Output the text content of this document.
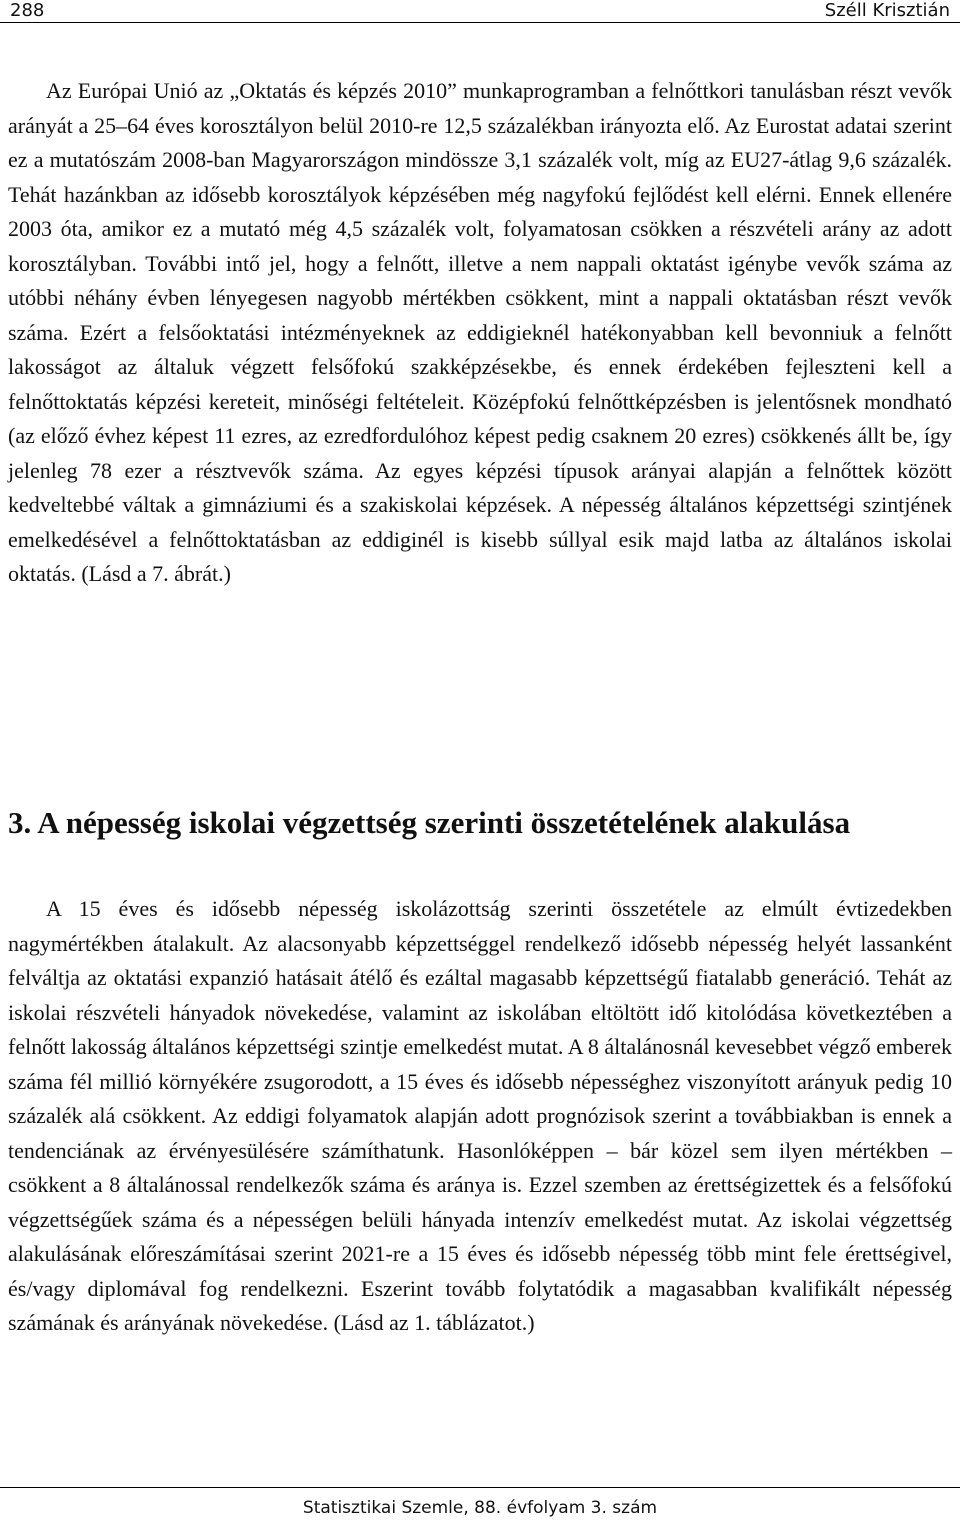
288	Széll Krisztián

Az Európai Unió az „Oktatás és képzés 2010” munkaprogramban a felnőttkori tanulásban részt vevők arányát a 25–64 éves korosztályon belül 2010-re 12,5 százalékban irányozta elő. Az Eurostat adatai szerint ez a mutatószám 2008-ban Magyarországon mindössze 3,1 százalék volt, míg az EU27-átlag 9,6 százalék. Tehát hazánkban az idősebb korosztályok képzésében még nagyfokú fejlődést kell elérni. Ennek ellenére 2003 óta, amikor ez a mutató még 4,5 százalék volt, folyamatosan csökken a részvételi arány az adott korosztályban. További intő jel, hogy a felnőtt, illetve a nem nappali oktatást igénybe vevők száma az utóbbi néhány évben lényegesen nagyobb mértékben csökkent, mint a nappali oktatásban részt vevők száma. Ezért a felsőoktatási intézményeknek az eddigieknél hatékonyabban kell bevonniuk a felnőtt lakosságot az általuk végzett felsőfokú szakképzésekbe, és ennek érdekében fejleszteni kell a felnőttoktatás képzési kereteit, minőségi feltételeit. Középfokú felnőttképzésben is jelentősnek mondható (az előző évhez képest 11 ezres, az ezredfordulóhoz képest pedig csaknem 20 ezres) csökkenés állt be, így jelenleg 78 ezer a résztvevők száma. Az egyes képzési típusok arányai alapján a felnőttek között kedveltebbé váltak a gimnáziumi és a szakiskolai képzések. A népesség általános képzettségi szintjének emelkedésével a felnőttoktatásban az eddiginél is kisebb súllyal esik majd latba az általános iskolai oktatás. (Lásd a 7. ábrát.)

3. A népesség iskolai végzettség szerinti összetételének alakulása

A 15 éves és idősebb népesség iskolázottság szerinti összetétele az elmúlt évtizedekben nagymértékben átalakult. Az alacsonyabb képzettséggel rendelkező idősebb népesség helyét lassanként felváltja az oktatási expanzió hatásait átélő és ezáltal magasabb képzettségű fiatalabb generáció. Tehát az iskolai részvételi hányadok növekedése, valamint az iskolában eltöltött idő kitolódása következtében a felnőtt lakosság általános képzettségi szintje emelkedést mutat. A 8 általánosnál kevesebbet végző emberek száma fél millió környékére zsugorodott, a 15 éves és idősebb népességhez viszonyított arányuk pedig 10 százalék alá csökkent. Az eddigi folyamatok alapján adott prognózisok szerint a továbbiakban is ennek a tendenciának az érvényesülésére számíthatunk. Hasonlóképpen – bár közel sem ilyen mértékben – csökkent a 8 általánossal rendelkezők száma és aránya is. Ezzel szemben az érettségizettek és a felsőfokú végzettségűek száma és a népességen belüli hányada intenzív emelkedést mutat. Az iskolai végzettség alakulásának előreszámításai szerint 2021-re a 15 éves és idősebb népesség több mint fele érettségivel, és/vagy diplomával fog rendelkezni. Eszerint tovább folytatódik a magasabban kvalifikált népesség számának és arányának növekedése. (Lásd az 1. táblázatot.)

Statisztikai Szemle, 88. évfolyam 3. szám
